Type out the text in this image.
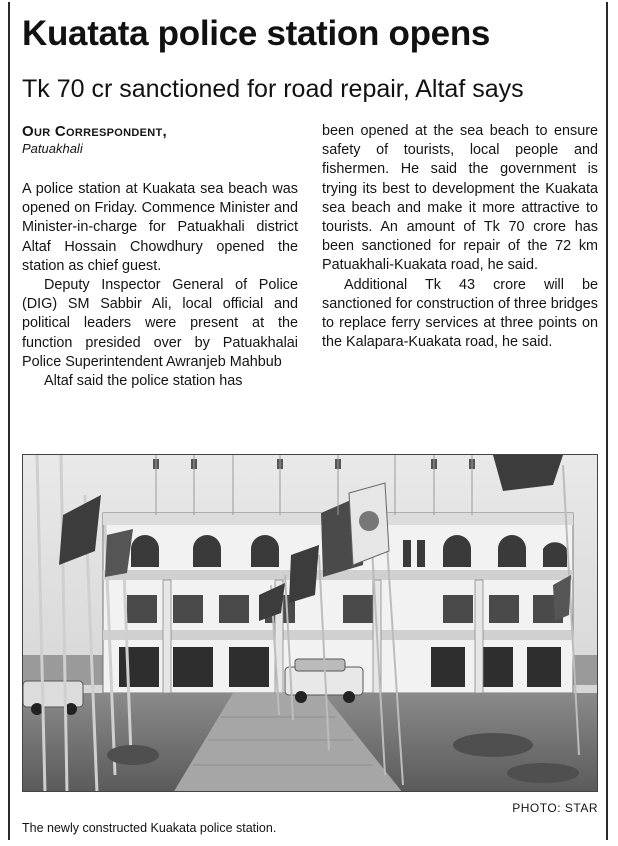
Kuatata police station opens
Tk 70 cr sanctioned for road repair, Altaf says
Our Correspondent,
Patuakhali

A police station at Kuakata sea beach was opened on Friday. Commence Minister and Minister-in-charge for Patuakhali district Altaf Hossain Chowdhury opened the station as chief guest.

Deputy Inspector General of Police (DIG) SM Sabbir Ali, local official and political leaders were present at the function presided over by Patuakhalai Police Superintendent Awranjeb Mahbub

Altaf said the police station has

been opened at the sea beach to ensure safety of tourists, local people and fishermen. He said the government is trying its best to development the Kuakata sea beach and make it more attractive to tourists. An amount of Tk 70 crore has been sanctioned for repair of the 72 km Patuakhali-Kuakata road, he said.

Additional Tk 43 crore will be sanctioned for construction of three bridges to replace ferry services at three points on the Kalapara-Kuakata road, he said.

PHOTO: STAR
The newly constructed Kuakata police station.
